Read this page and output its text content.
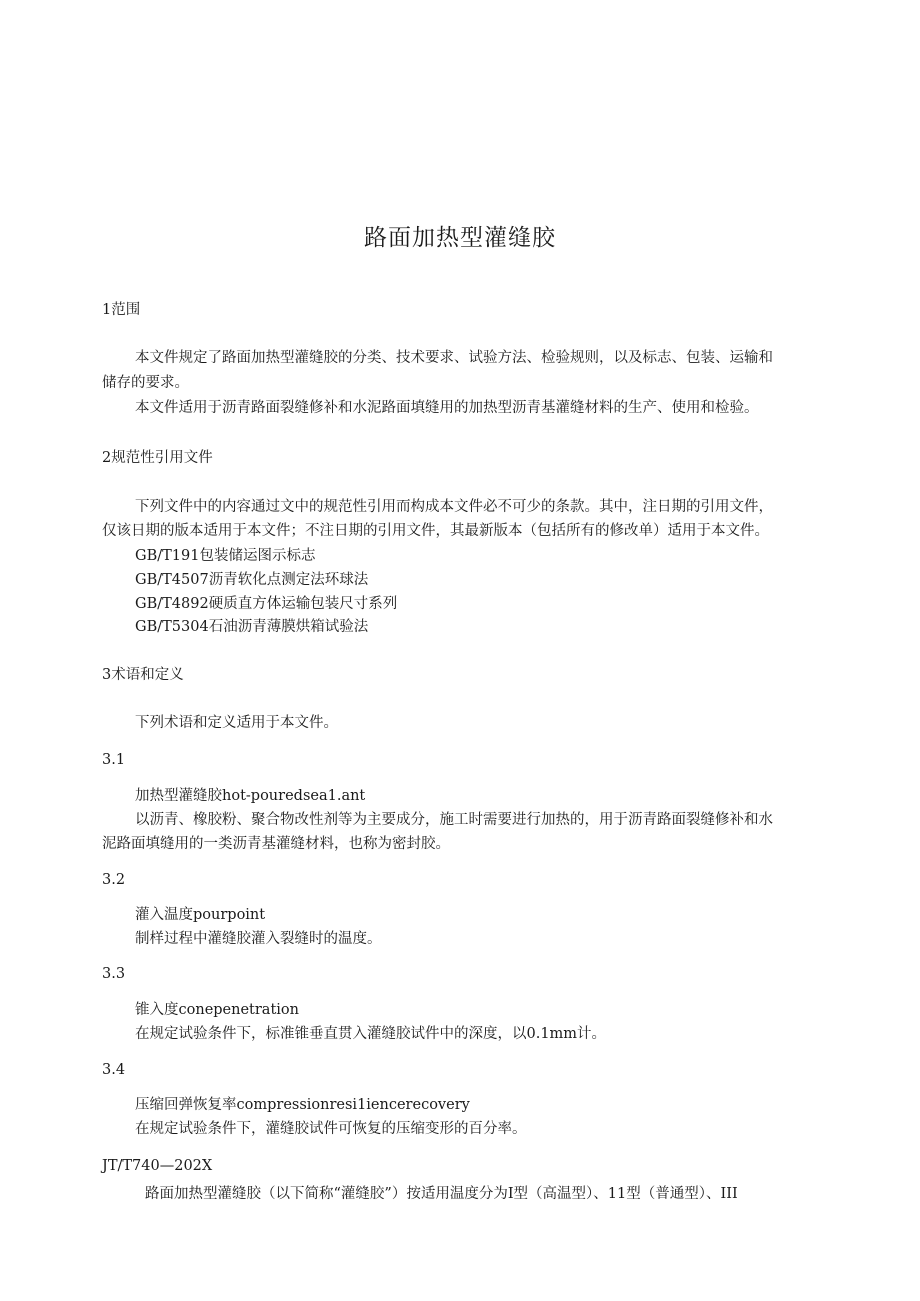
路面加热型灌缝胶
1范围
本文件规定了路面加热型灌缝胶的分类、技术要求、试验方法、检验规则，以及标志、包装、运输和
储存的要求。
本文件适用于沥青路面裂缝修补和水泥路面填缝用的加热型沥青基灌缝材料的生产、使用和检验。
2规范性引用文件
下列文件中的内容通过文中的规范性引用而构成本文件必不可少的条款。其中，注日期的引用文件，
仅该日期的版本适用于本文件；不注日期的引用文件，其最新版本（包括所有的修改单）适用于本文件。
GB/T191包装储运图示标志
GB/T4507沥青软化点测定法环球法
GB/T4892硬质直方体运输包装尺寸系列
GB/T5304石油沥青薄膜烘箱试验法
3术语和定义
下列术语和定义适用于本文件。
3.1
加热型灌缝胶hot-pouredsea1.ant
以沥青、橡胶粉、聚合物改性剂等为主要成分，施工时需要进行加热的，用于沥青路面裂缝修补和水
泥路面填缝用的一类沥青基灌缝材料，也称为密封胶。
3.2
灌入温度pourpoint
制样过程中灌缝胶灌入裂缝时的温度。
3.3
锥入度conepenetration
在规定试验条件下，标准锥垂直贯入灌缝胶试件中的深度，以0.1mm计。
3.4
压缩回弹恢复率compressionresi1iencerecovery
在规定试验条件下，灌缝胶试件可恢复的压缩变形的百分率。
JT/T740—202X
路面加热型灌缝胶（以下简称“灌缝胶”）按适用温度分为I型（高温型）、11型（普通型）、III
